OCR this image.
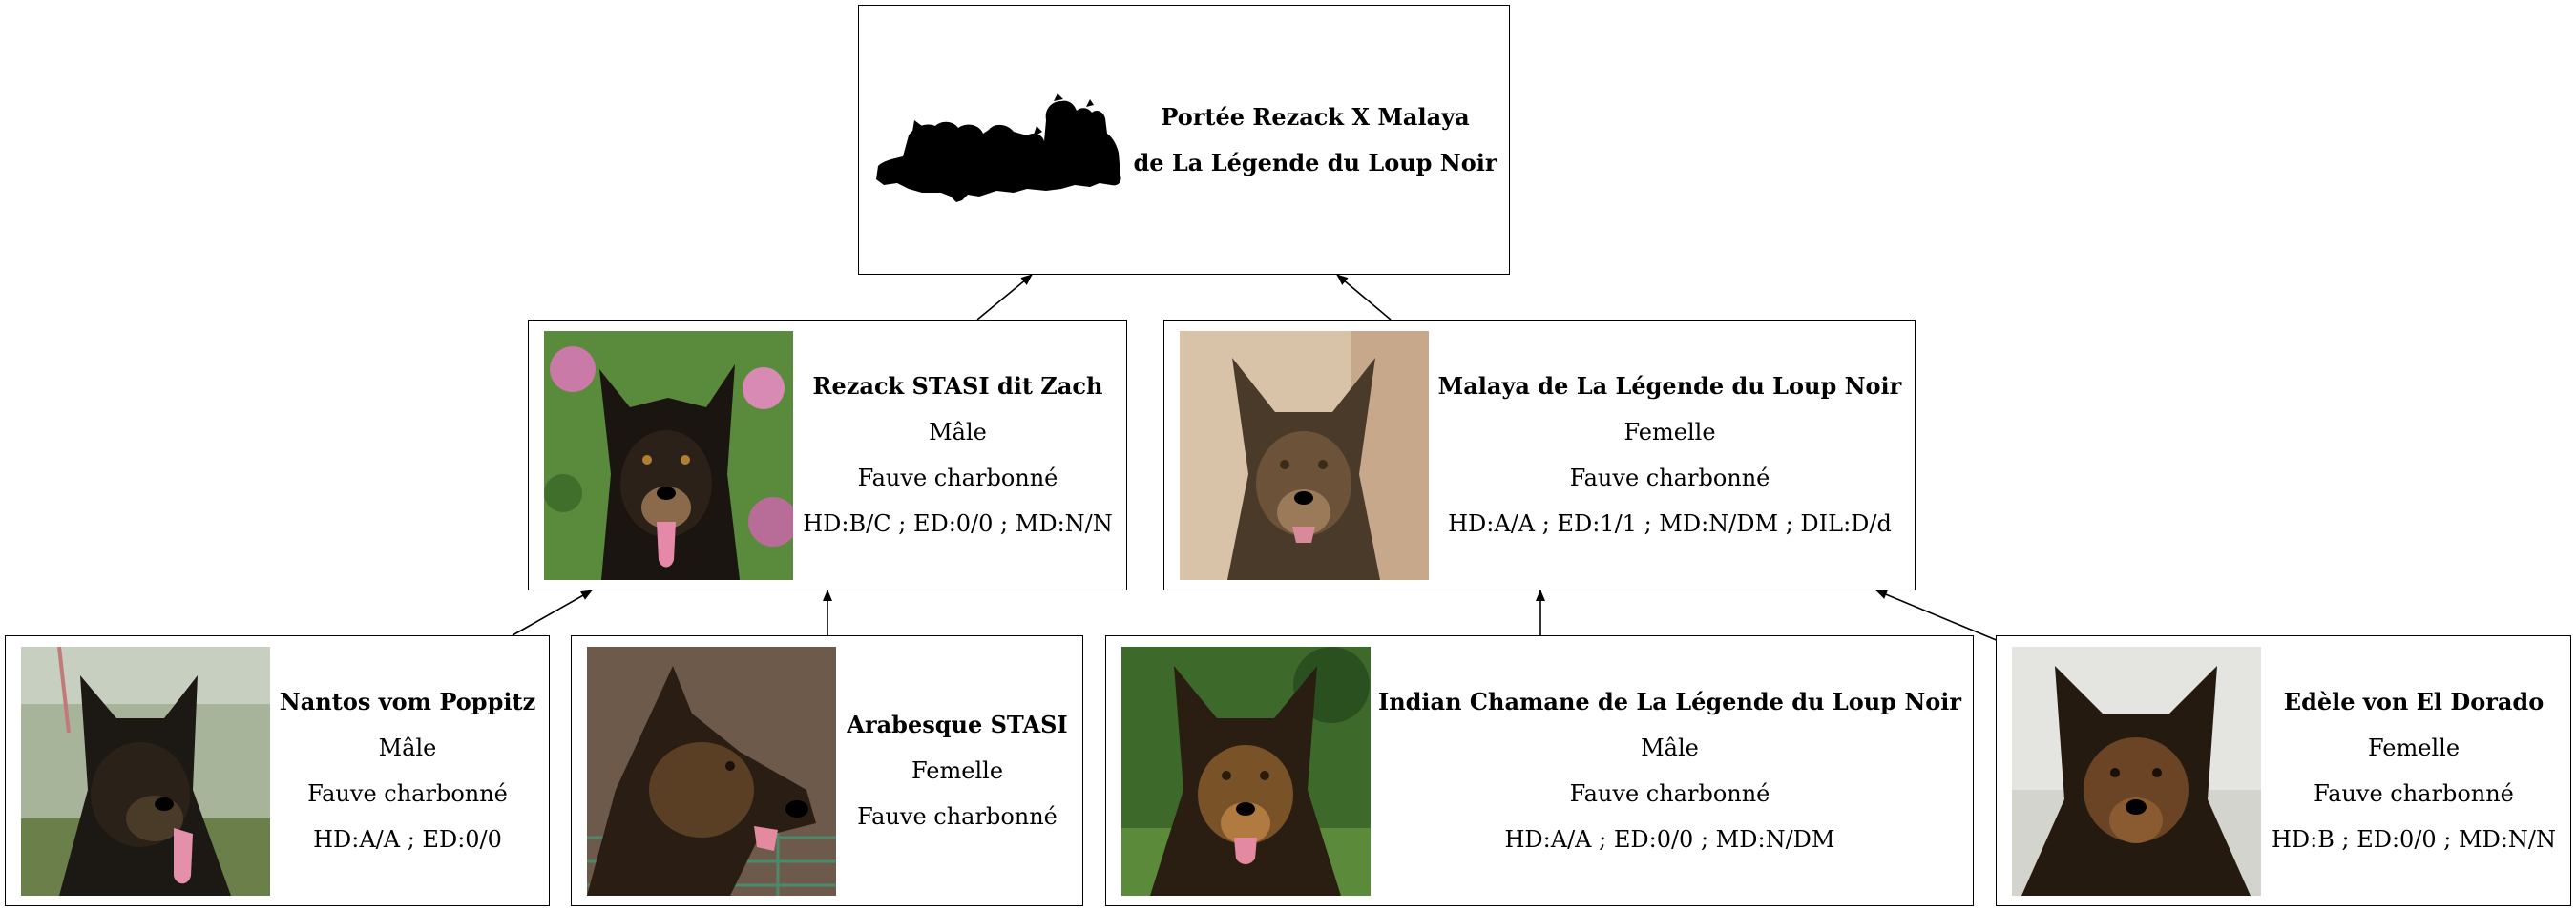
Portée Rezack X Malaya
de La Légende du Loup Noir
Rezack STASI dit Zach
Mâle
Fauve charbonné
HD:B/C ; ED:0/0 ; MD:N/N
Malaya de La Légende du Loup Noir
Femelle
Fauve charbonné
HD:A/A ; ED:1/1 ; MD:N/DM ; DIL:D/d
Nantos vom Poppitz
Mâle
Fauve charbonné
HD:A/A ; ED:0/0
Arabesque STASI
Femelle
Fauve charbonné
Indian Chamane de La Légende du Loup Noir
Mâle
Fauve charbonné
HD:A/A ; ED:0/0 ; MD:N/DM
Edèle von El Dorado
Femelle
Fauve charbonné
HD:B ; ED:0/0 ; MD:N/N
